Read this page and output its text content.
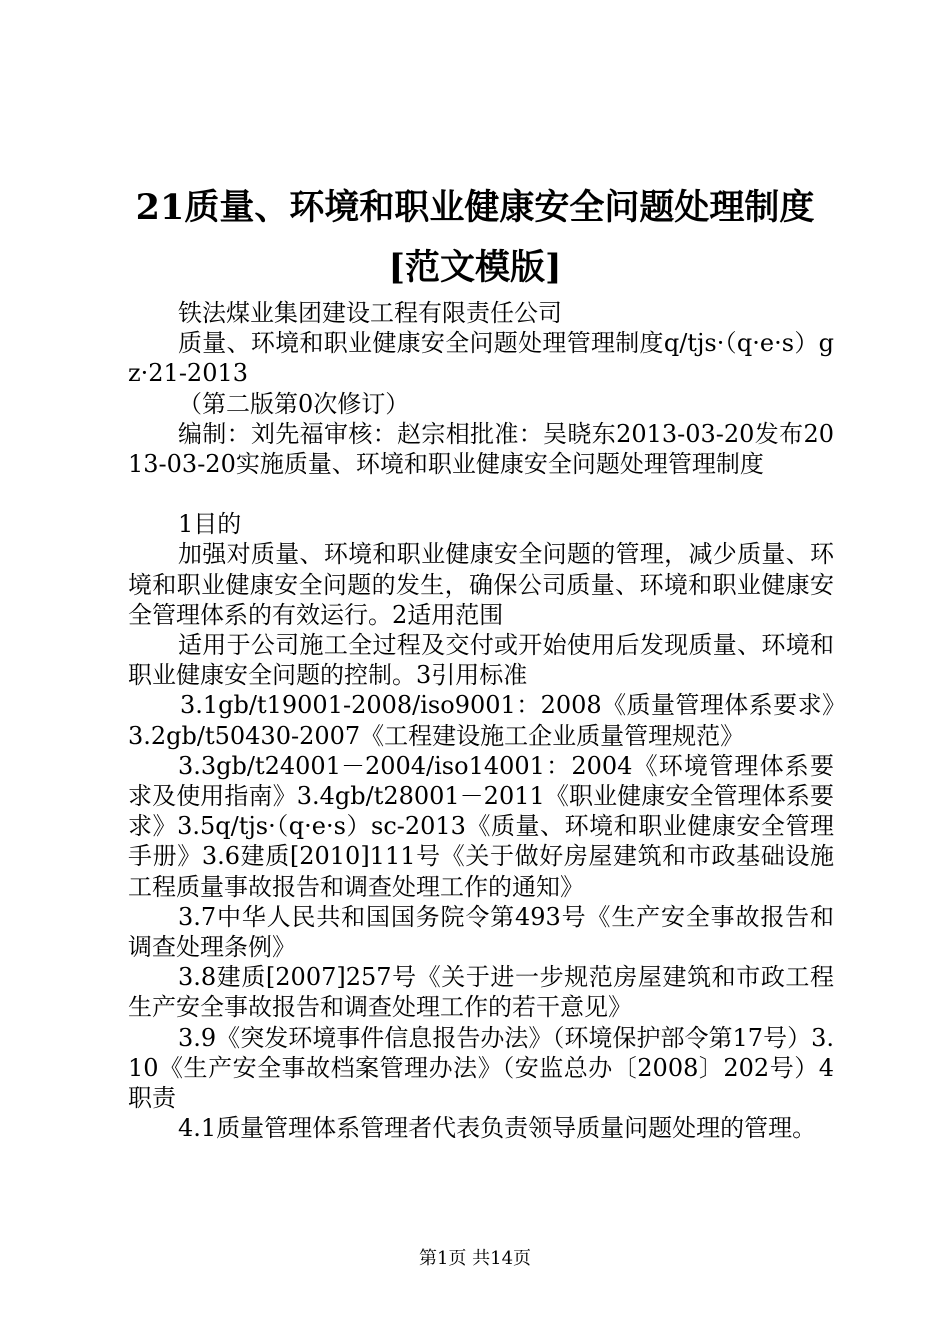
21质量、环境和职业健康安全问题处理制度
[范文模版]

铁法煤业集团建设工程有限责任公司

质量、环境和职业健康安全问题处理管理制度q/tjs·（q·e·s）gz·21-2013

（第二版第0次修订）

编制：刘先福审核：赵宗相批准：吴晓东2013-03-20发布2013-03-20实施质量、环境和职业健康安全问题处理管理制度

1目的

加强对质量、环境和职业健康安全问题的管理，减少质量、环境和职业健康安全问题的发生，确保公司质量、环境和职业健康安全管理体系的有效运行。2适用范围

适用于公司施工全过程及交付或开始使用后发现质量、环境和职业健康安全问题的控制。3引用标准

3.1gb/t19001-2008/iso9001：2008《质量管理体系要求》3.2gb/t50430-2007《工程建设施工企业质量管理规范》

3.3gb/t24001－2004/iso14001：2004《环境管理体系要求及使用指南》3.4gb/t28001－2011《职业健康安全管理体系要求》3.5q/tjs·（q·e·s）sc-2013《质量、环境和职业健康安全管理手册》3.6建质[2010]111号《关于做好房屋建筑和市政基础设施工程质量事故报告和调查处理工作的通知》

3.7中华人民共和国国务院令第493号《生产安全事故报告和调查处理条例》

3.8建质[2007]257号《关于进一步规范房屋建筑和市政工程生产安全事故报告和调查处理工作的若干意见》

3.9《突发环境事件信息报告办法》（环境保护部令第17号）3.10《生产安全事故档案管理办法》（安监总办〔2008〕202号）4职责

4.1质量管理体系管理者代表负责领导质量问题处理的管理。

第1页 共14页
